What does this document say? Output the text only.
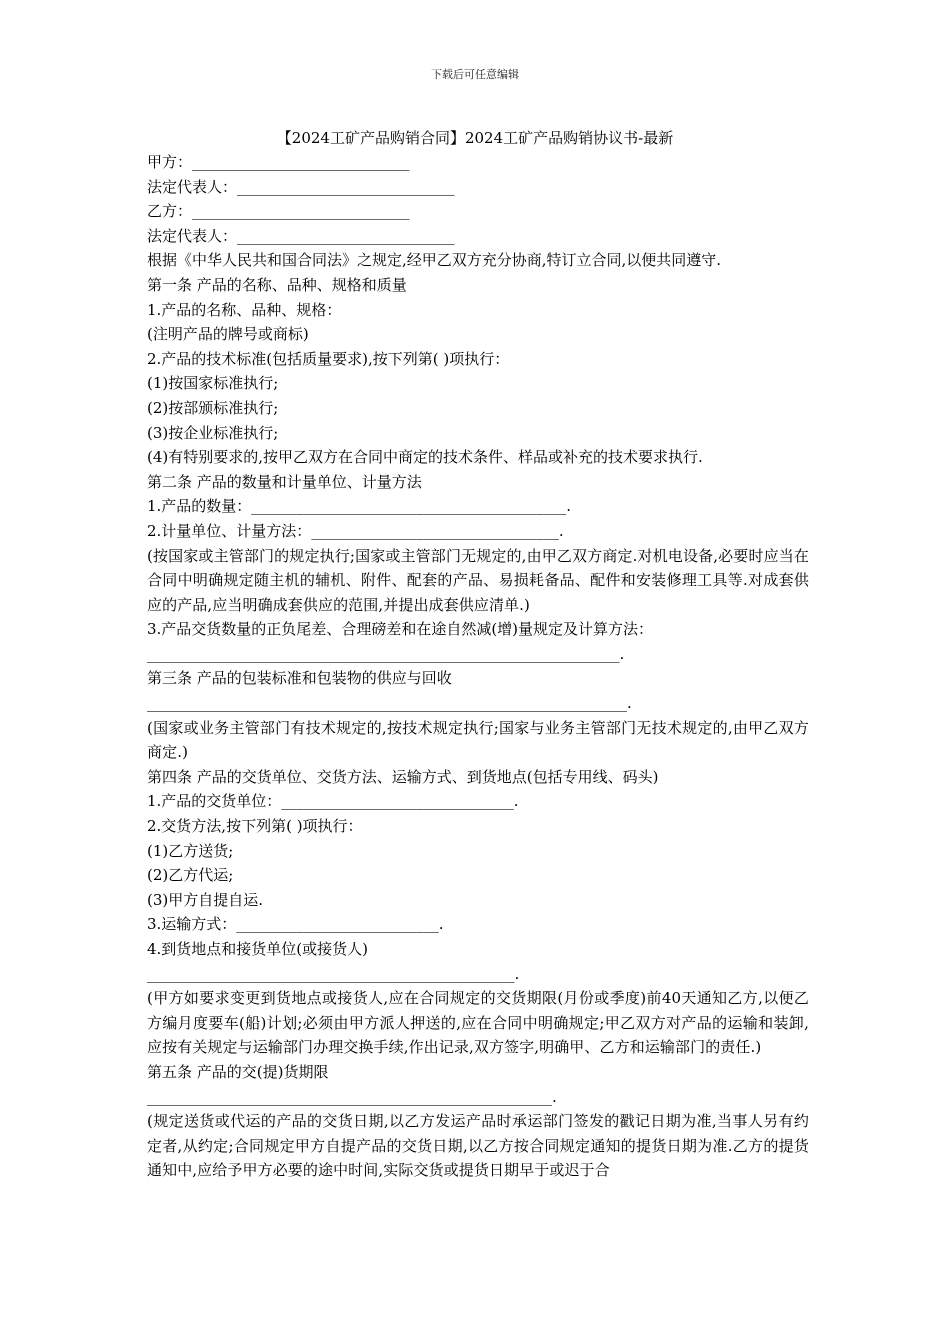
下载后可任意编辑
【2024工矿产品购销合同】2024工矿产品购销协议书-最新
甲方：_____________________________
法定代表人：_____________________________
乙方：_____________________________
法定代表人：_____________________________
根据《中华人民共和国合同法》之规定,经甲乙双方充分协商,特订立合同,以便共同遵守.
第一条 产品的名称、品种、规格和质量
1.产品的名称、品种、规格：
(注明产品的牌号或商标)
2.产品的技术标准(包括质量要求),按下列第( )项执行：
(1)按国家标准执行;
(2)按部颁标准执行;
(3)按企业标准执行;
(4)有特别要求的,按甲乙双方在合同中商定的技术条件、样品或补充的技术要求执行.
第二条 产品的数量和计量单位、计量方法
1.产品的数量：__________________________________________.
2.计量单位、计量方法：_________________________________.
(按国家或主管部门的规定执行;国家或主管部门无规定的,由甲乙双方商定.对机电设备,必要时应当在合同中明确规定随主机的辅机、附件、配套的产品、易损耗备品、配件和安装修理工具等.对成套供应的产品,应当明确成套供应的范围,并提出成套供应清单.)
3.产品交货数量的正负尾差、合理磅差和在途自然减(增)量规定及计算方法：
_______________________________________________________________.
第三条 产品的包装标准和包装物的供应与回收
________________________________________________________________.
(国家或业务主管部门有技术规定的,按技术规定执行;国家与业务主管部门无技术规定的,由甲乙双方商定.)
第四条 产品的交货单位、交货方法、运输方式、到货地点(包括专用线、码头)
1.产品的交货单位：_______________________________.
2.交货方法,按下列第( )项执行：
(1)乙方送货;
(2)乙方代运;
(3)甲方自提自运.
3.运输方式：___________________________.
4.到货地点和接货单位(或接货人)
_________________________________________________.
(甲方如要求变更到货地点或接货人,应在合同规定的交货期限(月份或季度)前40天通知乙方,以便乙方编月度要车(船)计划;必须由甲方派人押送的,应在合同中明确规定;甲乙双方对产品的运输和装卸,应按有关规定与运输部门办理交换手续,作出记录,双方签字,明确甲、乙方和运输部门的责任.)
第五条 产品的交(提)货期限
______________________________________________________.
(规定送货或代运的产品的交货日期,以乙方发运产品时承运部门签发的戳记日期为准,当事人另有约定者,从约定;合同规定甲方自提产品的交货日期,以乙方按合同规定通知的提货日期为准.乙方的提货通知中,应给予甲方必要的途中时间,实际交货或提货日期早于或迟于合
